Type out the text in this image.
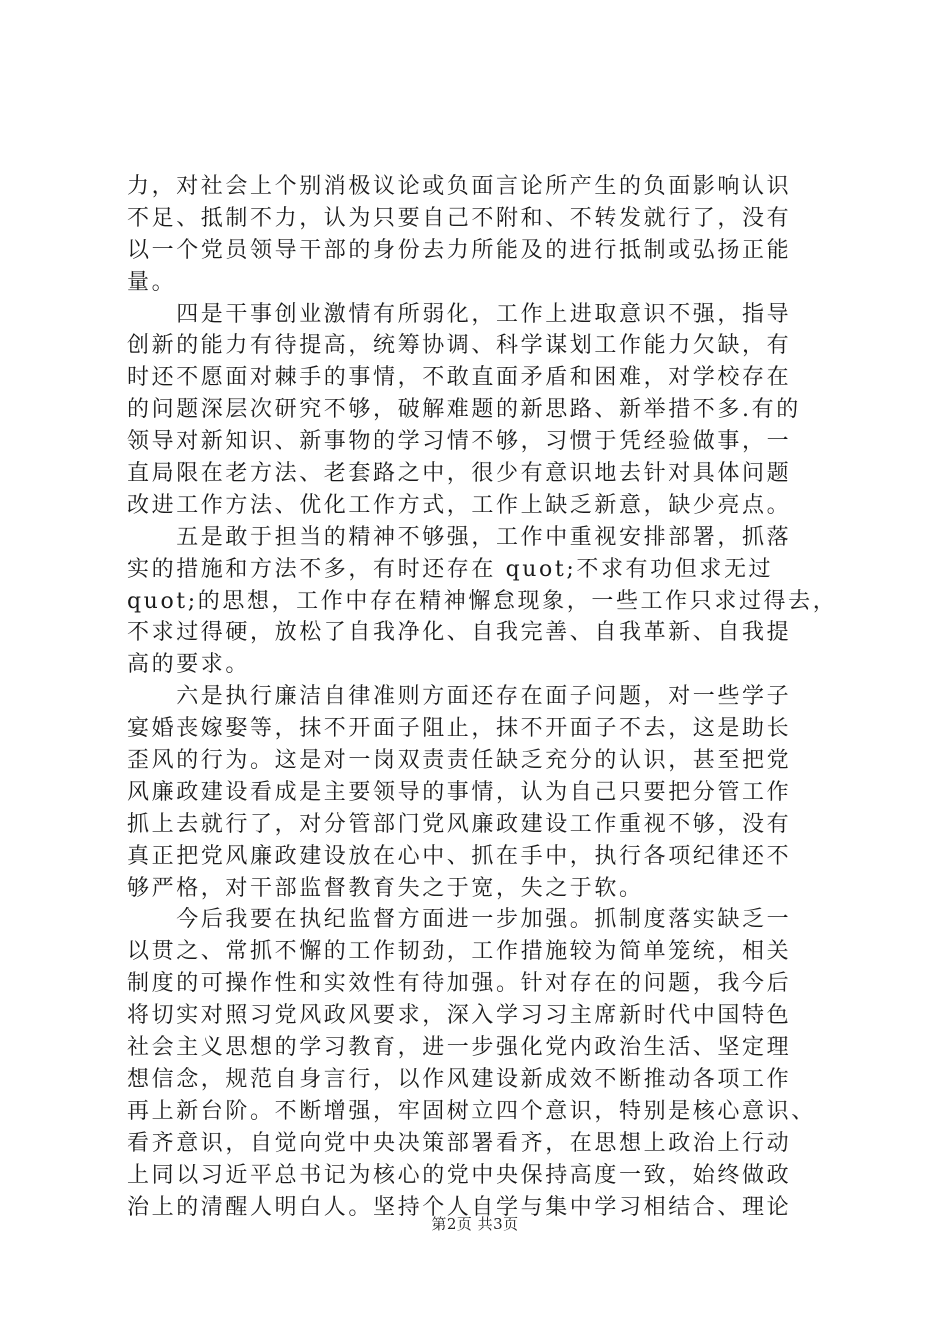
力，对社会上个别消极议论或负面言论所产生的负面影响认识
不足、抵制不力，认为只要自己不附和、不转发就行了，没有
以一个党员领导干部的身份去力所能及的进行抵制或弘扬正能
量。
　　四是干事创业激情有所弱化，工作上进取意识不强，指导
创新的能力有待提高，统筹协调、科学谋划工作能力欠缺，有
时还不愿面对棘手的事情，不敢直面矛盾和困难，对学校存在
的问题深层次研究不够，破解难题的新思路、新举措不多.有的
领导对新知识、新事物的学习情不够，习惯于凭经验做事，一
直局限在老方法、老套路之中，很少有意识地去针对具体问题
改进工作方法、优化工作方式，工作上缺乏新意，缺少亮点。
　　五是敢于担当的精神不够强，工作中重视安排部署，抓落
实的措施和方法不多，有时还存在 quot;不求有功但求无过
quot;的思想，工作中存在精神懈怠现象，一些工作只求过得去，
不求过得硬，放松了自我净化、自我完善、自我革新、自我提
高的要求。
　　六是执行廉洁自律准则方面还存在面子问题，对一些学子
宴婚丧嫁娶等，抹不开面子阻止，抹不开面子不去，这是助长
歪风的行为。这是对一岗双责责任缺乏充分的认识，甚至把党
风廉政建设看成是主要领导的事情，认为自己只要把分管工作
抓上去就行了，对分管部门党风廉政建设工作重视不够，没有
真正把党风廉政建设放在心中、抓在手中，执行各项纪律还不
够严格，对干部监督教育失之于宽，失之于软。
　　今后我要在执纪监督方面进一步加强。抓制度落实缺乏一
以贯之、常抓不懈的工作韧劲，工作措施较为简单笼统，相关
制度的可操作性和实效性有待加强。针对存在的问题，我今后
将切实对照习党风政风要求，深入学习习主席新时代中国特色
社会主义思想的学习教育，进一步强化党内政治生活、坚定理
想信念，规范自身言行，以作风建设新成效不断推动各项工作
再上新台阶。不断增强，牢固树立四个意识，特别是核心意识、
看齐意识，自觉向党中央决策部署看齐，在思想上政治上行动
上同以习近平总书记为核心的党中央保持高度一致，始终做政
治上的清醒人明白人。坚持个人自学与集中学习相结合、理论
第2页 共3页
